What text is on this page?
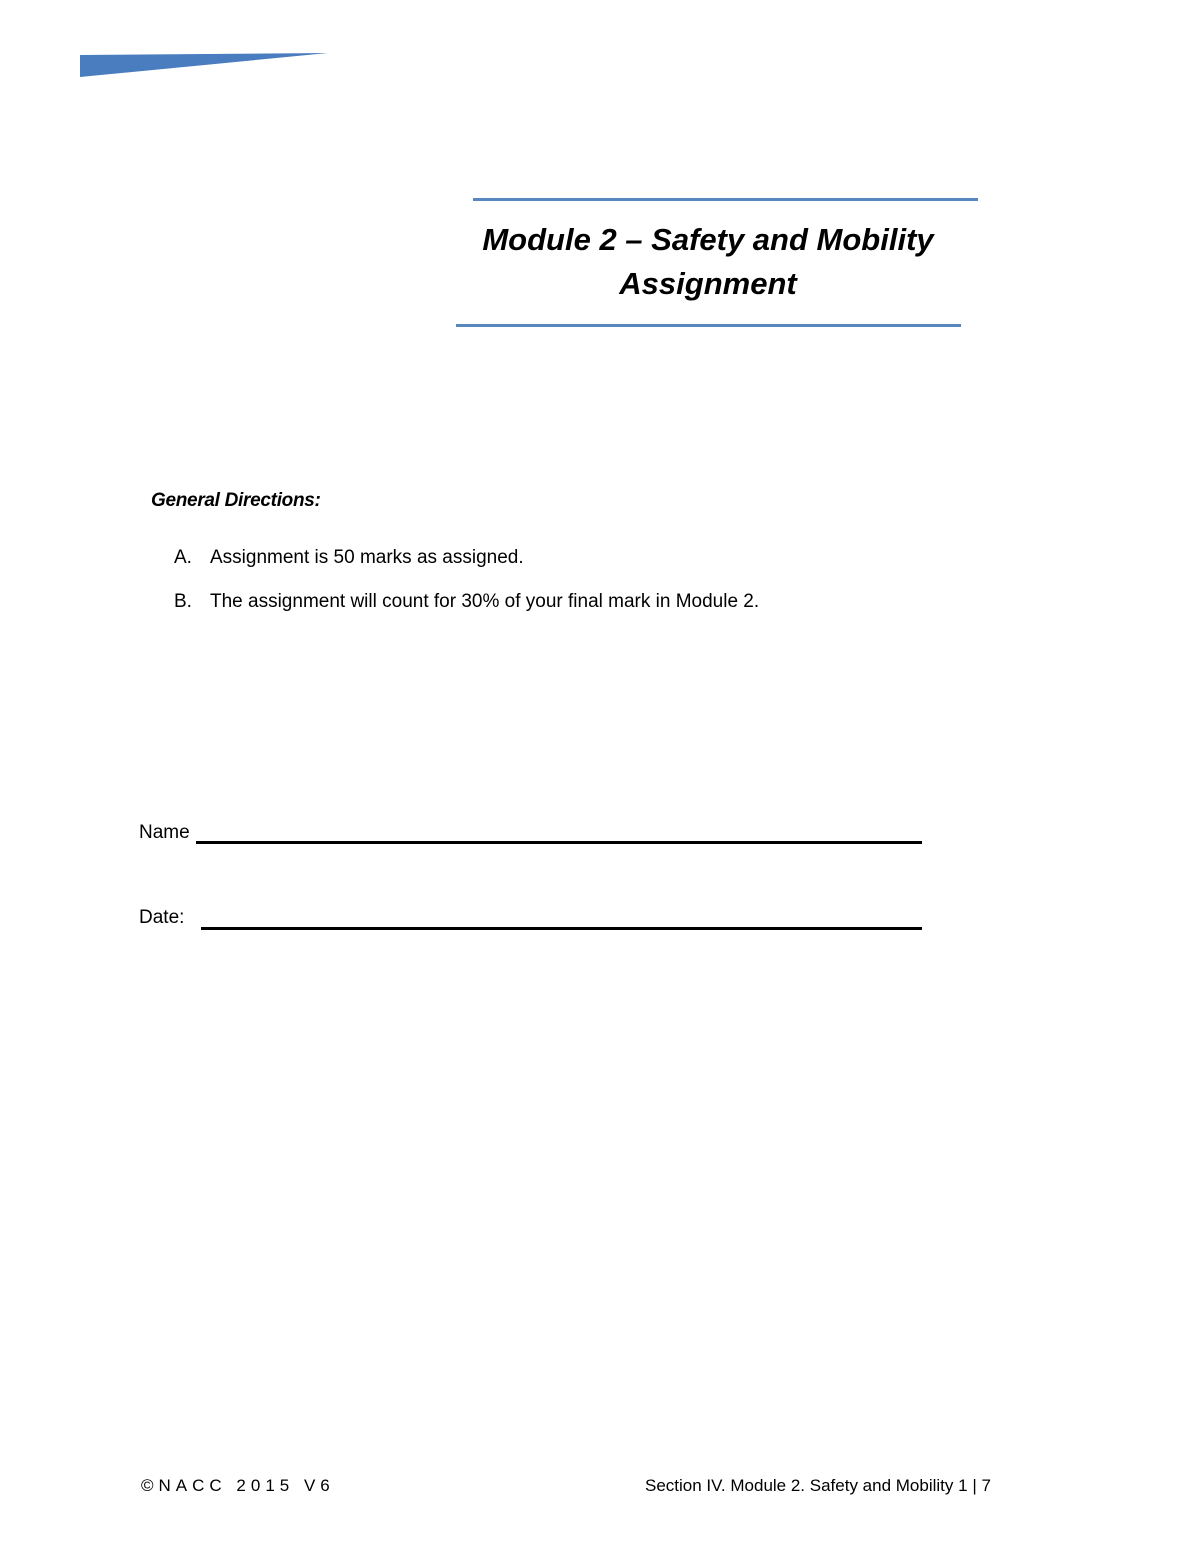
Module 2 – Safety and Mobility
Assignment
General Directions:
A. Assignment is 50 marks as assigned.
B. The assignment will count for 30% of your final mark in Module 2.
Name
Date:
©NACC 2015 V6	Section IV. Module 2. Safety and Mobility 1 | 7
